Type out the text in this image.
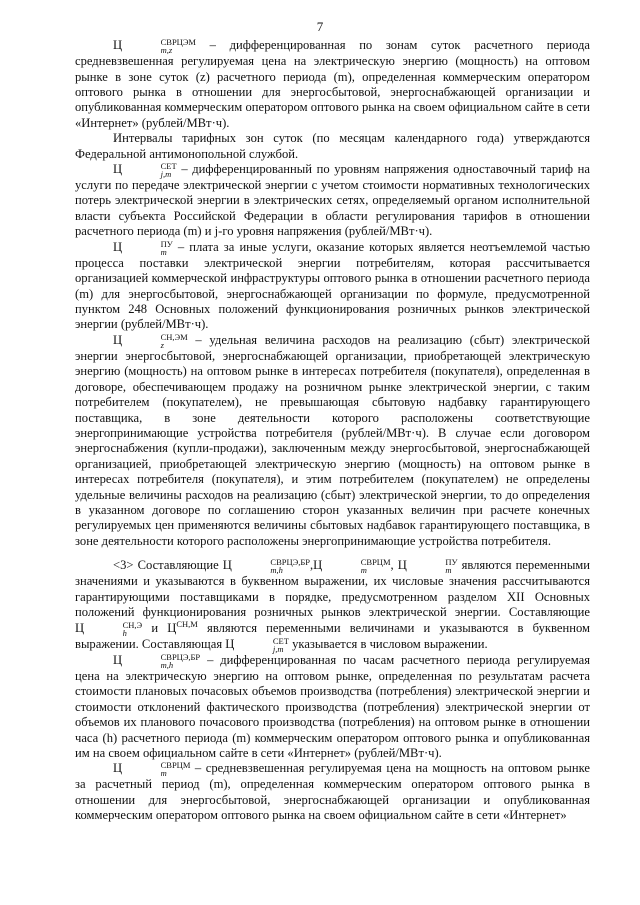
7

Ц	СВРЦЭМ
m,z	– дифференцированная по зонам суток расчетного периода средневзвешенная регулируемая цена на электрическую энергию (мощность) на оптовом рынке в зоне суток (z) расчетного периода (m), определенная коммерческим оператором оптового рынка в отношении для энергосбытовой, энергоснабжающей организации и опубликованная коммерческим оператором оптового рынка на своем официальном сайте в сети «Интернет» (рублей/МВт·ч).

Интервалы тарифных зон суток (по месяцам календарного года) утверждаются Федеральной антимонопольной службой.

Ц	СЕТ
j,m – дифференцированный по уровням напряжения одноставочный тариф на услуги по передаче электрической энергии с учетом стоимости нормативных технологических потерь электрической энергии в электрических сетях, определяемый органом исполнительной власти субъекта Российской Федерации в области регулирования тарифов в отношении расчетного периода (m) и j-го уровня напряжения (рублей/МВт·ч).

Ц	ПУ
m – плата за иные услуги, оказание которых является неотъемлемой частью процесса поставки электрической энергии потребителям, которая рассчитывается организацией коммерческой инфраструктуры оптового рынка в отношении расчетного периода (m) для энергосбытовой, энергоснабжающей организации по формуле, предусмотренной пунктом 248 Основных положений функционирования розничных рынков электрической энергии (рублей/МВт·ч).

Ц	СН,ЭМ
z	– удельная величина расходов на реализацию (сбыт) электрической энергии энергосбытовой, энергоснабжающей организации, приобретающей электрическую энергию (мощность) на оптовом рынке в интересах потребителя (покупателя), определенная в договоре, обеспечивающем продажу на розничном рынке электрической энергии, с таким потребителем (покупателем), не превышающая сбытовую надбавку гарантирующего поставщика, в зоне деятельности которого расположены соответствующие энергопринимающие устройства потребителя (рублей/МВт·ч). В случае если договором энергоснабжения (купли-продажи), заключенным между энергосбытовой, энергоснабжающей организацией, приобретающей электрическую энергию (мощность) на оптовом рынке в интересах потребителя (покупателя), и этим потребителем (покупателем) не определены удельные величины расходов на реализацию (сбыт) электрической энергии, то до определения в указанном договоре по соглашению сторон указанных величин при расчете конечных регулируемых цен применяются величины сбытовых надбавок гарантирующего поставщика, в зоне деятельности которого расположены энергопринимающие устройства потребителя.

<3> Составляющие Ц	СВРЦЭ,БР
m,h	,Ц	СВРЦМ
m	, Ц	ПУ
m являются переменными значениями и указываются в буквенном выражении, их числовые значения рассчитываются гарантирующими поставщиками в порядке, предусмотренном разделом XII Основных положений функционирования розничных рынков электрической энергии. Составляющие Ц	СН,Э
h	и $Ц^{СН,М}$ являются переменными величинами и указываются в буквенном выражении. Составляющая Ц	СЕТ
j,m указывается в числовом выражении.

Ц	СВРЦЭ,БР
m,h	– дифференцированная по часам расчетного периода регулируемая цена на электрическую энергию на оптовом рынке, определенная по результатам расчета стоимости плановых почасовых объемов производства (потребления) электрической энергии и стоимости отклонений фактического производства (потребления) электрической энергии от объемов их планового почасового производства (потребления) на оптовом рынке в отношении часа (h) расчетного периода (m) коммерческим оператором оптового рынка и опубликованная им на своем официальном сайте в сети «Интернет» (рублей/МВт·ч).

Ц	СВРЦМ
m	– средневзвешенная регулируемая цена на мощность на оптовом рынке за расчетный период (m), определенная коммерческим оператором оптового рынка в отношении для энергосбытовой, энергоснабжающей организации и опубликованная коммерческим оператором оптового рынка на своем официальном сайте в сети «Интернет»
